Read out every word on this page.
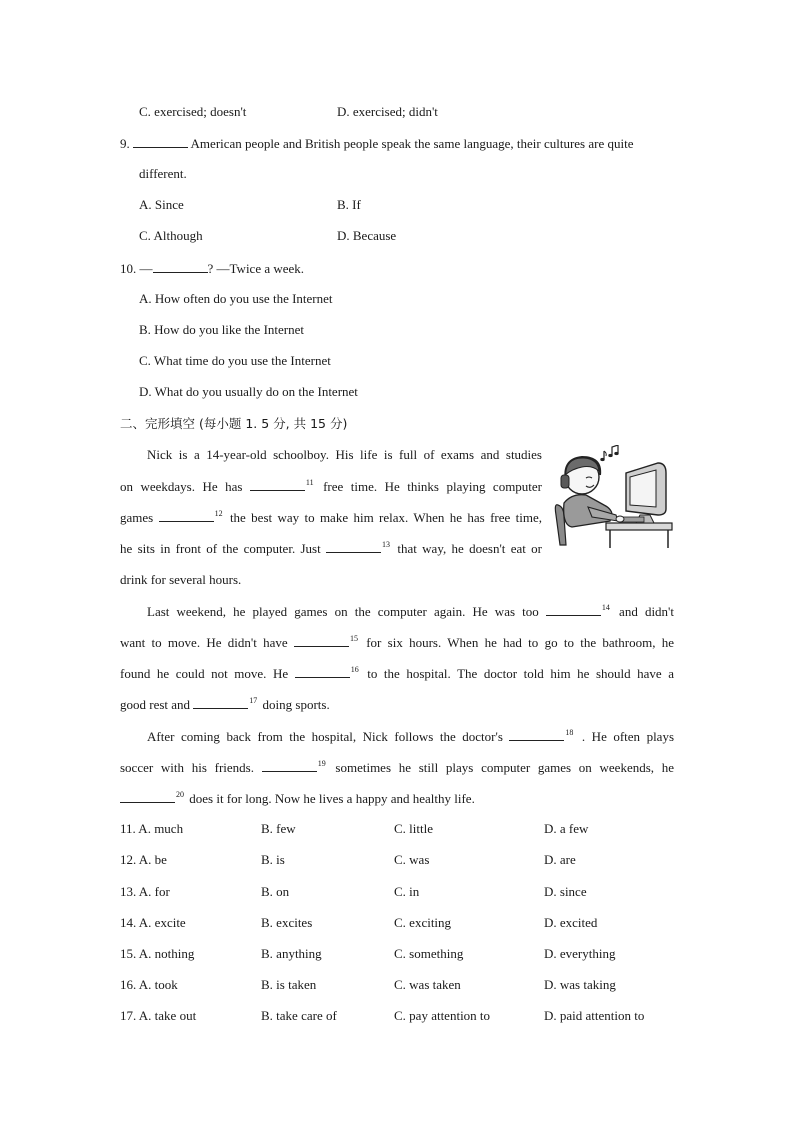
C. exercised; doesn't	D. exercised; didn't
9.	American people and British people speak the same language, their cultures are quite
different.
A. Since	B. If
C. Although	D. Because
10. —	? —Twice a week.
A. How often do you use the Internet
B. How do you like the Internet
C. What time do you use the Internet
D. What do you usually do on the Internet
二、完形填空 (每小题 1. 5 分, 共 15 分)
Nick is a 14-year-old schoolboy. His life is full of exams and studies
on weekdays. He has	$^{11}$ free time. He thinks playing computer
games	$^{12}$ the best way to make him relax. When he has free time,
he sits in front of the computer. Just	$^{13}$ that way, he doesn't eat or
drink for several hours.
Last weekend, he played games on the computer again. He was too	$^{14}$ and didn't
want to move. He didn't have	$^{15}$ for six hours. When he had to go to the bathroom, he
found he could not move. He	$^{16}$ to the hospital. The doctor told him he should have a
good rest and	$^{17}$ doing sports.
After coming back from the hospital, Nick follows the doctor's	$^{18}$ . He often plays
soccer with his friends.	$^{19}$ sometimes he still plays computer games on weekends, he
$^{20}$ does it for long. Now he lives a happy and healthy life.
11. A. much	B. few	C. little	D. a few
12. A. be	B. is	C. was	D. are
13. A. for	B. on	C. in	D. since
14. A. excite	B. excites	C. exciting	D. excited
15. A. nothing	B. anything	C. something	D. everything
16. A. took	B. is taken	C. was taken	D. was taking
17. A. take out	B. take care of	C. pay attention to	D. paid attention to
